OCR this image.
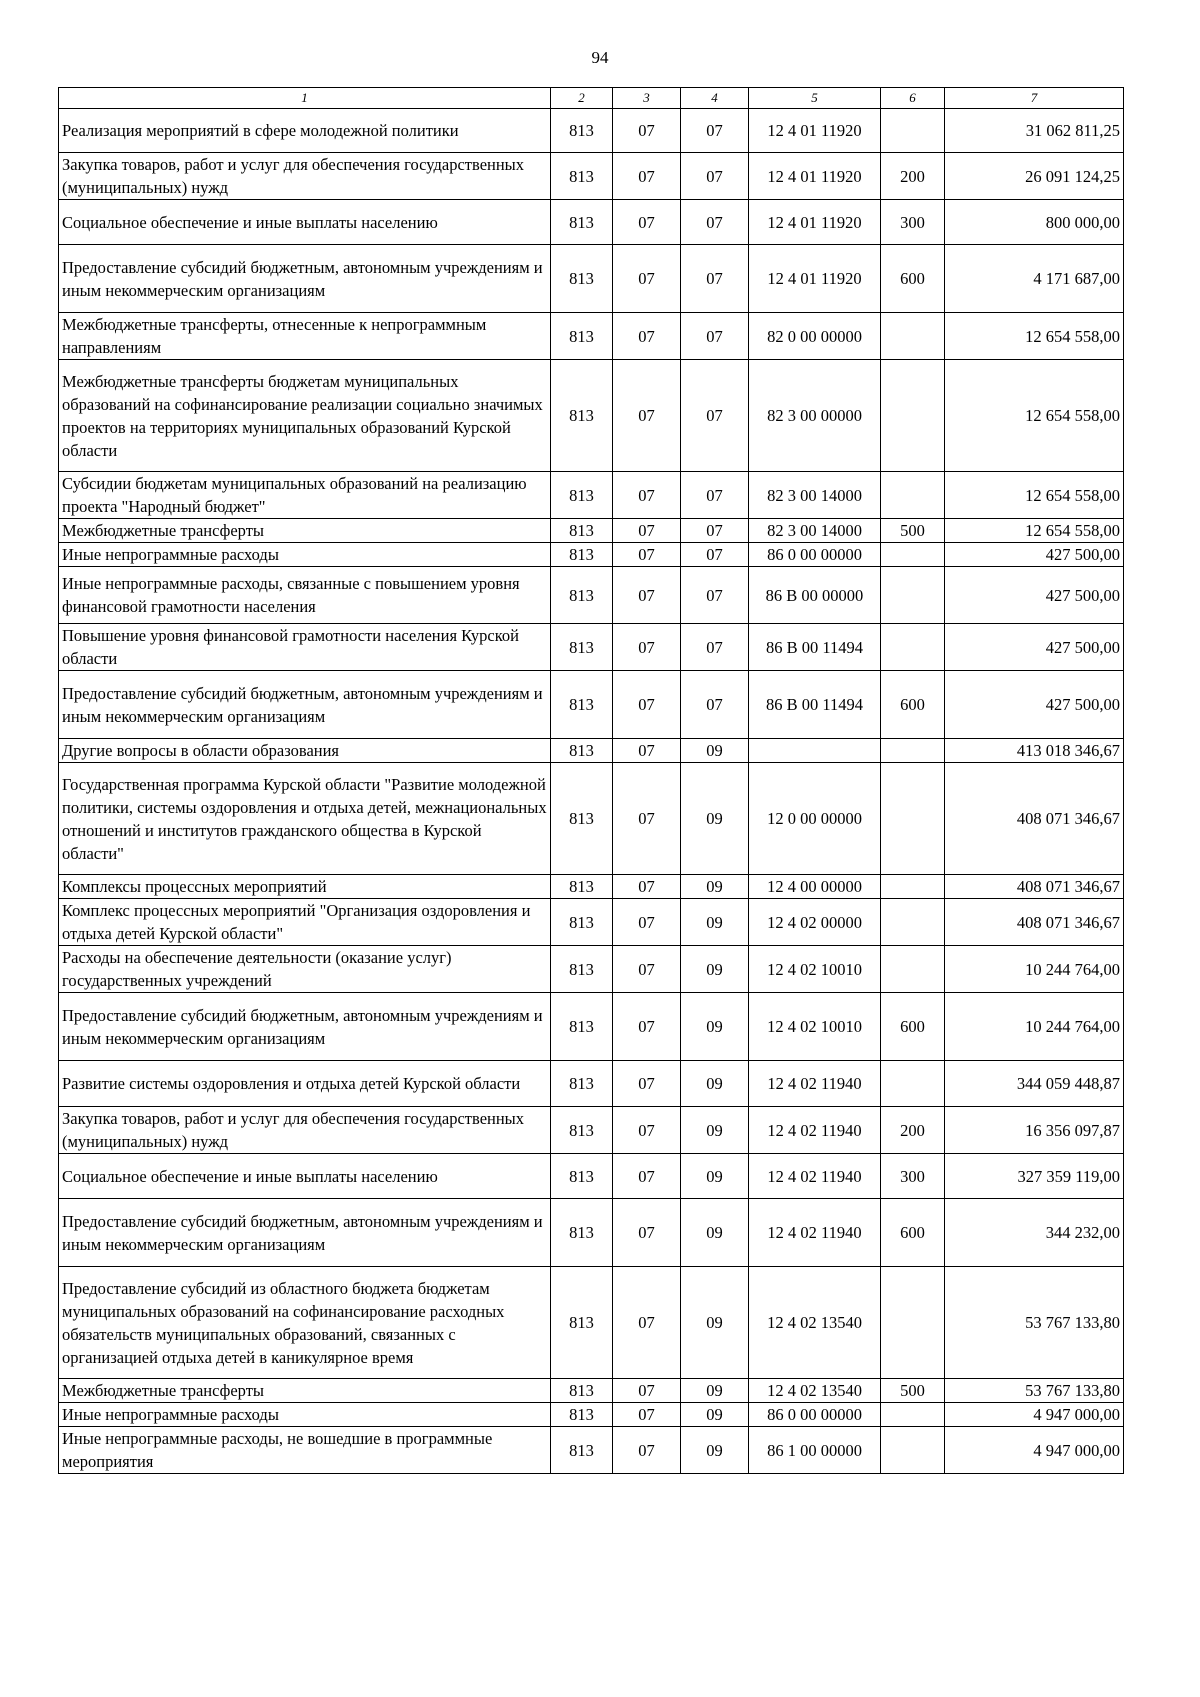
94
1	2	3	4	5	6	7
Реализация мероприятий в сфере молодежной политики	813	07	07	12 4 01 11920		31 062 811,25
Закупка товаров, работ и услуг для обеспечения государственных (муниципальных) нужд	813	07	07	12 4 01 11920	200	26 091 124,25
Социальное обеспечение и иные выплаты населению	813	07	07	12 4 01 11920	300	800 000,00
Предоставление субсидий бюджетным, автономным учреждениям и иным некоммерческим организациям	813	07	07	12 4 01 11920	600	4 171 687,00
Межбюджетные трансферты, отнесенные к непрограммным направлениям	813	07	07	82 0 00 00000		12 654 558,00
Межбюджетные трансферты бюджетам муниципальных образований на софинансирование реализации социально значимых проектов на территориях муниципальных образований Курской области	813	07	07	82 3 00 00000		12 654 558,00
Субсидии бюджетам муниципальных образований на реализацию проекта "Народный бюджет"	813	07	07	82 3 00 14000		12 654 558,00
Межбюджетные трансферты	813	07	07	82 3 00 14000	500	12 654 558,00
Иные непрограммные расходы	813	07	07	86 0 00 00000		427 500,00
Иные непрограммные расходы, связанные с повышением уровня финансовой грамотности населения	813	07	07	86 В 00 00000		427 500,00
Повышение уровня финансовой грамотности населения Курской области	813	07	07	86 В 00 11494		427 500,00
Предоставление субсидий бюджетным, автономным учреждениям и иным некоммерческим организациям	813	07	07	86 В 00 11494	600	427 500,00
Другие вопросы в области образования	813	07	09			413 018 346,67
Государственная программа Курской области "Развитие молодежной политики, системы оздоровления и отдыха детей, межнациональных отношений и институтов гражданского общества в Курской области"	813	07	09	12 0 00 00000		408 071 346,67
Комплексы процессных мероприятий	813	07	09	12 4 00 00000		408 071 346,67
Комплекс процессных мероприятий "Организация оздоровления и отдыха детей Курской области"	813	07	09	12 4 02 00000		408 071 346,67
Расходы на обеспечение деятельности (оказание услуг) государственных учреждений	813	07	09	12 4 02 10010		10 244 764,00
Предоставление субсидий бюджетным, автономным учреждениям и иным некоммерческим организациям	813	07	09	12 4 02 10010	600	10 244 764,00
Развитие системы оздоровления и отдыха детей Курской области	813	07	09	12 4 02 11940		344 059 448,87
Закупка товаров, работ и услуг для обеспечения государственных (муниципальных) нужд	813	07	09	12 4 02 11940	200	16 356 097,87
Социальное обеспечение и иные выплаты населению	813	07	09	12 4 02 11940	300	327 359 119,00
Предоставление субсидий бюджетным, автономным учреждениям и иным некоммерческим организациям	813	07	09	12 4 02 11940	600	344 232,00
Предоставление субсидий из областного бюджета бюджетам муниципальных образований на софинансирование расходных обязательств муниципальных образований, связанных с организацией отдыха детей в каникулярное время	813	07	09	12 4 02 13540		53 767 133,80
Межбюджетные трансферты	813	07	09	12 4 02 13540	500	53 767 133,80
Иные непрограммные расходы	813	07	09	86 0 00 00000		4 947 000,00
Иные непрограммные расходы, не вошедшие в программные мероприятия	813	07	09	86 1 00 00000		4 947 000,00
